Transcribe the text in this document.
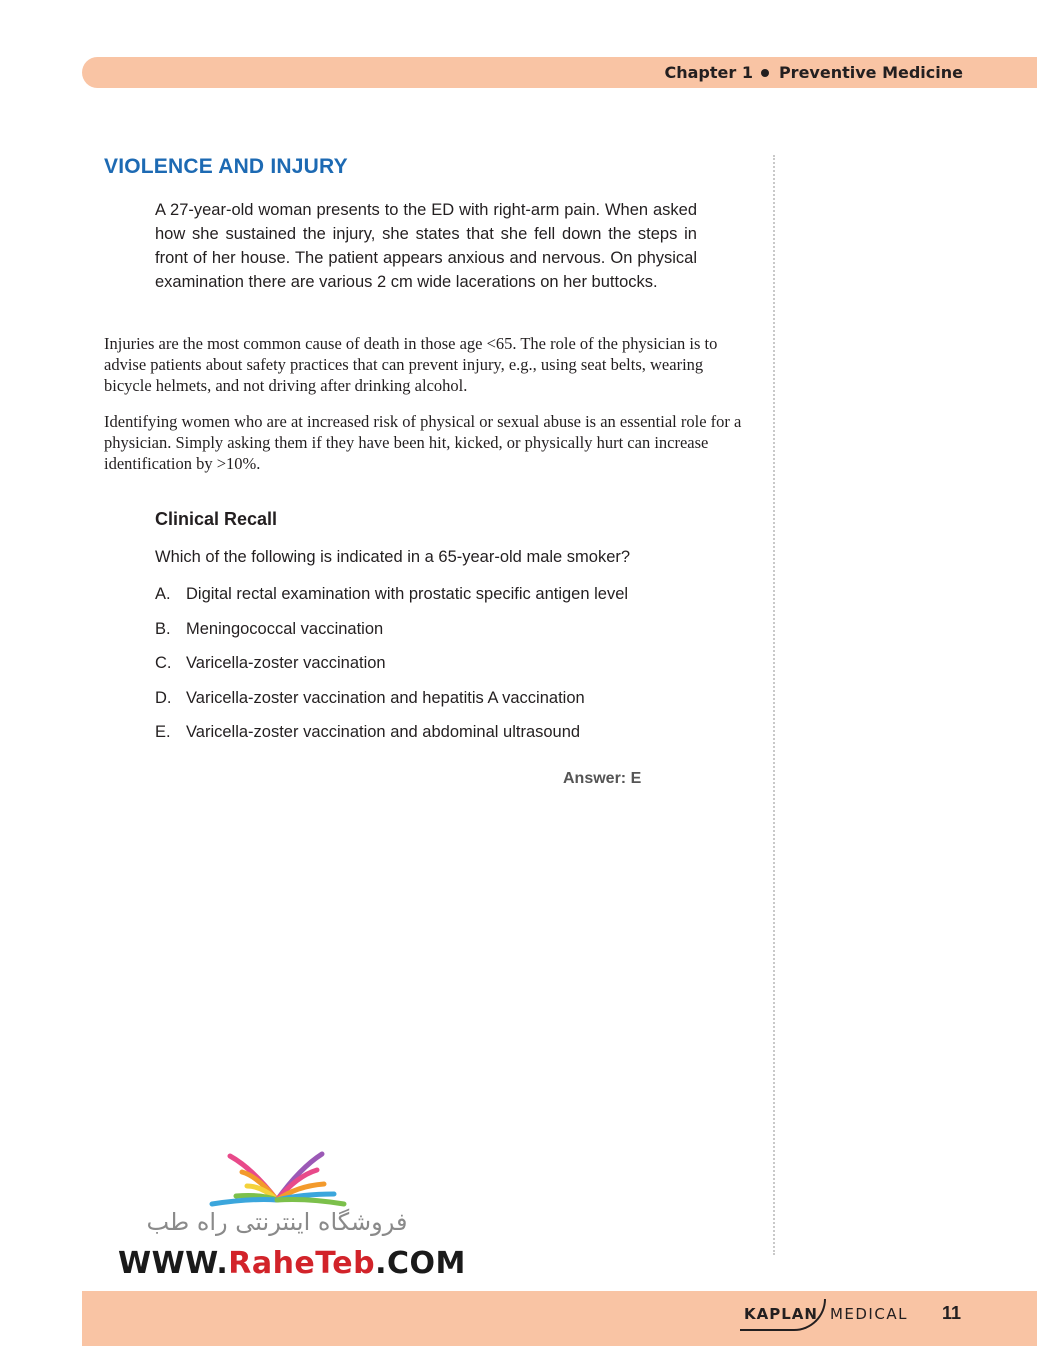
Chapter 1 Preventive Medicine
VIOLENCE AND INJURY
A 27-year-old woman presents to the ED with right-arm pain. When asked how she sustained the injury, she states that she fell down the steps in front of her house. The patient appears anxious and nervous. On physical examination there are various 2 cm wide lacerations on her buttocks.
Injuries are the most common cause of death in those age <65. The role of the physician is to advise patients about safety practices that can prevent injury, e.g., using seat belts, wearing bicycle helmets, and not driving after drinking alcohol.
Identifying women who are at increased risk of physical or sexual abuse is an essential role for a physician. Simply asking them if they have been hit, kicked, or physically hurt can increase identification by >10%.
Clinical Recall
Which of the following is indicated in a 65-year-old male smoker?
A. Digital rectal examination with prostatic specific antigen level
B. Meningococcal vaccination
C. Varicella-zoster vaccination
D. Varicella-zoster vaccination and hepatitis A vaccination
E. Varicella-zoster vaccination and abdominal ultrasound
Answer: E
فروشگاه اینترنتی راه طب
WWW.RaheTeb.COM
KAPLAN MEDICAL 11
